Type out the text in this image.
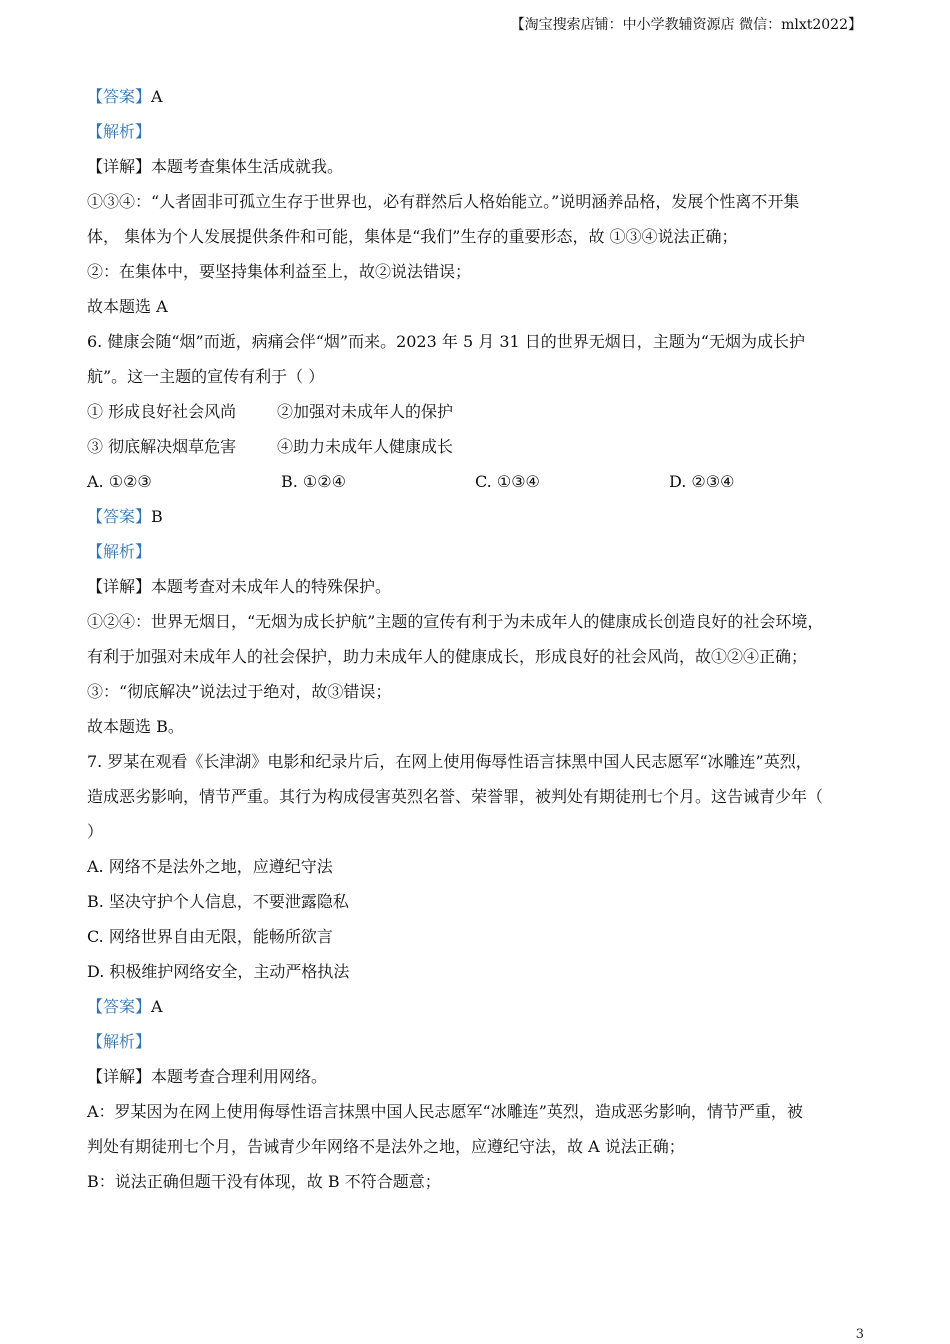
【淘宝搜索店铺：中小学教辅资源店 微信：mlxt2022】
【答案】A
【解析】
【详解】本题考查集体生活成就我。
①③④：“人者固非可孤立生存于世界也，必有群然后人格始能立。”说明涵养品格，发展个性离不开集
体， 集体为个人发展提供条件和可能，集体是“我们”生存的重要形态，故 ①③④说法正确；
②：在集体中，要坚持集体利益至上，故②说法错误；
故本题选 A
6. 健康会随“烟”而逝，病痛会伴“烟”而来。2023 年 5 月 31 日的世界无烟日，主题为“无烟为成长护
航”。这一主题的宣传有利于（ ）
① 形成良好社会风尚	②加强对未成年人的保护
③ 彻底解决烟草危害	④助力未成年人健康成长
A. ①②③	B. ①②④	C. ①③④	D. ②③④
【答案】B
【解析】
【详解】本题考查对未成年人的特殊保护。
①②④：世界无烟日，“无烟为成长护航”主题的宣传有利于为未成年人的健康成长创造良好的社会环境，
有利于加强对未成年人的社会保护，助力未成年人的健康成长，形成良好的社会风尚，故①②④正确；
③：“彻底解决”说法过于绝对，故③错误；
故本题选 B。
7. 罗某在观看《长津湖》电影和纪录片后，在网上使用侮辱性语言抹黑中国人民志愿军“冰雕连”英烈，
造成恶劣影响，情节严重。其行为构成侵害英烈名誉、荣誉罪，被判处有期徒刑七个月。这告诫青少年（
）
A. 网络不是法外之地，应遵纪守法
B. 坚决守护个人信息，不要泄露隐私
C. 网络世界自由无限，能畅所欲言
D. 积极维护网络安全，主动严格执法
【答案】A
【解析】
【详解】本题考查合理利用网络。
A：罗某因为在网上使用侮辱性语言抹黑中国人民志愿军“冰雕连”英烈，造成恶劣影响，情节严重，被
判处有期徒刑七个月，告诫青少年网络不是法外之地，应遵纪守法，故 A 说法正确；
B：说法正确但题干没有体现，故 B 不符合题意；
3
